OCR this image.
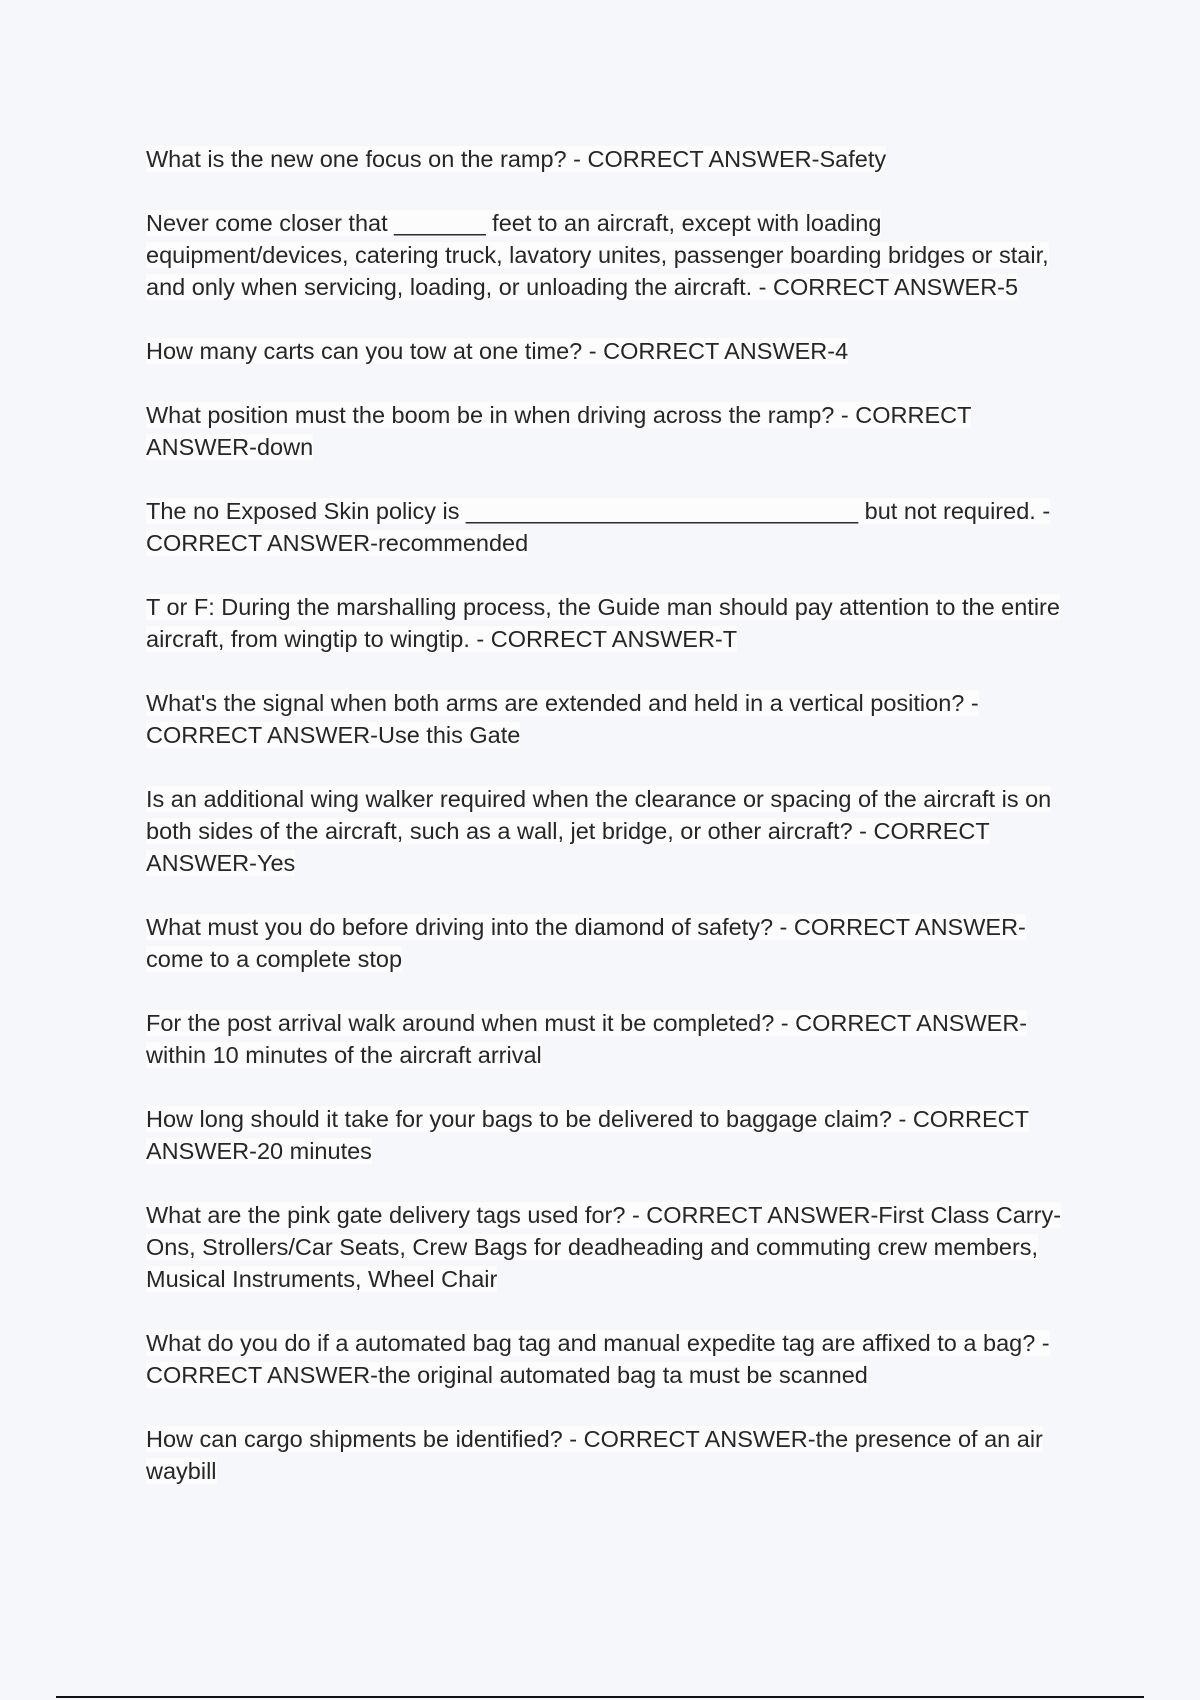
What is the new one focus on the ramp? - CORRECT ANSWER-Safety

Never come closer that _______ feet to an aircraft, except with loading equipment/devices, catering truck, lavatory unites, passenger boarding bridges or stair, and only when servicing, loading, or unloading the aircraft. - CORRECT ANSWER-5

How many carts can you tow at one time? - CORRECT ANSWER-4

What position must the boom be in when driving across the ramp? - CORRECT ANSWER-down

The no Exposed Skin policy is ______________________________ but not required. - CORRECT ANSWER-recommended

T or F: During the marshalling process, the Guide man should pay attention to the entire aircraft, from wingtip to wingtip. - CORRECT ANSWER-T

What's the signal when both arms are extended and held in a vertical position? - CORRECT ANSWER-Use this Gate

Is an additional wing walker required when the clearance or spacing of the aircraft is on both sides of the aircraft, such as a wall, jet bridge, or other aircraft? - CORRECT ANSWER-Yes

What must you do before driving into the diamond of safety? - CORRECT ANSWER-come to a complete stop

For the post arrival walk around when must it be completed? - CORRECT ANSWER-within 10 minutes of the aircraft arrival

How long should it take for your bags to be delivered to baggage claim? - CORRECT ANSWER-20 minutes

What are the pink gate delivery tags used for? - CORRECT ANSWER-First Class Carry-Ons, Strollers/Car Seats, Crew Bags for deadheading and commuting crew members, Musical Instruments, Wheel Chair

What do you do if a automated bag tag and manual expedite tag are affixed to a bag? - CORRECT ANSWER-the original automated bag ta must be scanned

How can cargo shipments be identified? - CORRECT ANSWER-the presence of an air waybill
